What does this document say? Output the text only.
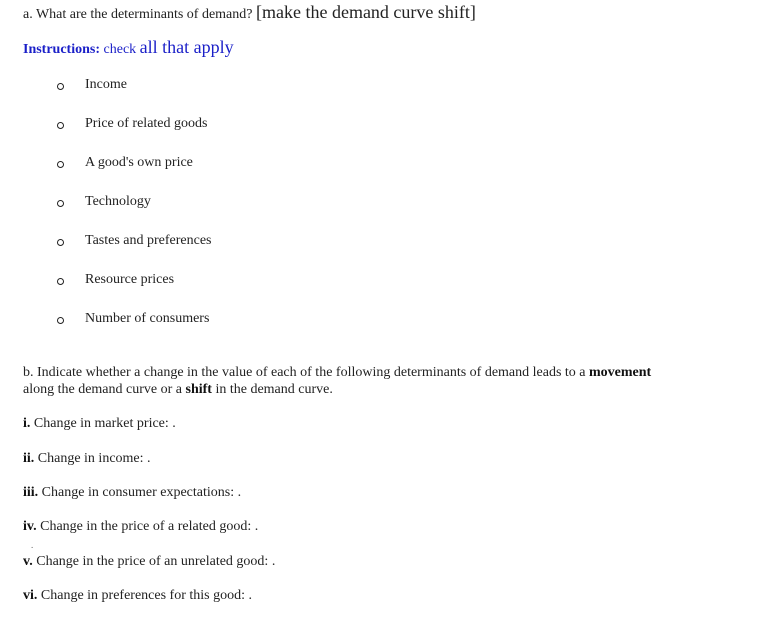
a. What are the determinants of demand? [make the demand curve shift]
Instructions: check all that apply
Income
Price of related goods
A good's own price
Technology
Tastes and preferences
Resource prices
Number of consumers
b. Indicate whether a change in the value of each of the following determinants of demand leads to a movement
along the demand curve or a shift in the demand curve.
i. Change in market price: .
ii. Change in income: .
iii. Change in consumer expectations: .
iv. Change in the price of a related good: .
.
v. Change in the price of an unrelated good: .
vi. Change in preferences for this good: .
